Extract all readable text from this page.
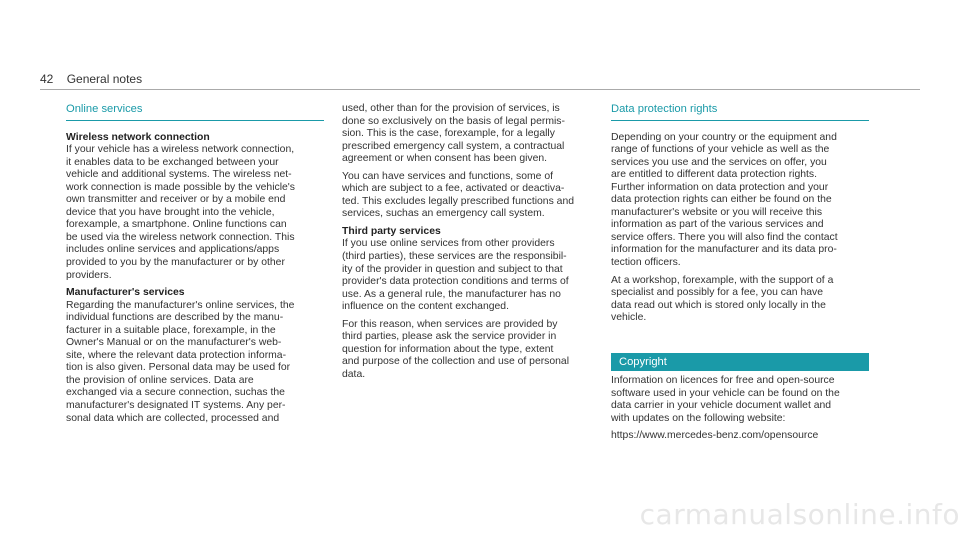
42 General notes
Online services
Wireless network connection

If your vehicle has a wireless network connection,
it enables data to be exchanged between your
vehicle and additional systems. The wireless net-
work connection is made possible by the vehicle's
own transmitter and receiver or by a mobile end
device that you have brought into the vehicle,
forexample, a smartphone. Online functions can
be used via the wireless network connection. This
includes online services and applications/apps
provided to you by the manufacturer or by other
providers.

Manufacturer's services

Regarding the manufacturer's online services, the
individual functions are described by the manu-
facturer in a suitable place, forexample, in the
Owner's Manual or on the manufacturer's web-
site, where the relevant data protection informa-
tion is also given. Personal data may be used for
the provision of online services. Data are
exchanged via a secure connection, suchas the
manufacturer's designated IT systems. Any per-
sonal data which are collected, processed and

used, other than for the provision of services, is
done so exclusively on the basis of legal permis-
sion. This is the case, forexample, for a legally
prescribed emergency call system, a contractual
agreement or when consent has been given.

You can have services and functions, some of
which are subject to a fee, activated or deactiva-
ted. This excludes legally prescribed functions and
services, suchas an emergency call system.

Third party services

If you use online services from other providers
(third parties), these services are the responsibil-
ity of the provider in question and subject to that
provider's data protection conditions and terms of
use. As a general rule, the manufacturer has no
influence on the content exchanged.

For this reason, when services are provided by
third parties, please ask the service provider in
question for information about the type, extent
and purpose of the collection and use of personal
data.

Data protection rights

Depending on your country or the equipment and
range of functions of your vehicle as well as the
services you use and the services on offer, you
are entitled to different data protection rights.
Further information on data protection and your
data protection rights can either be found on the
manufacturer's website or you will receive this
information as part of the various services and
service offers. There you will also find the contact
information for the manufacturer and its data pro-
tection officers.

At a workshop, forexample, with the support of a
specialist and possibly for a fee, you can have
data read out which is stored only locally in the
vehicle.

Copyright

Information on licences for free and open-source
software used in your vehicle can be found on the
data carrier in your vehicle document wallet and
with updates on the following website:

https://www.mercedes-benz.com/opensource

carmanualsonline.info
